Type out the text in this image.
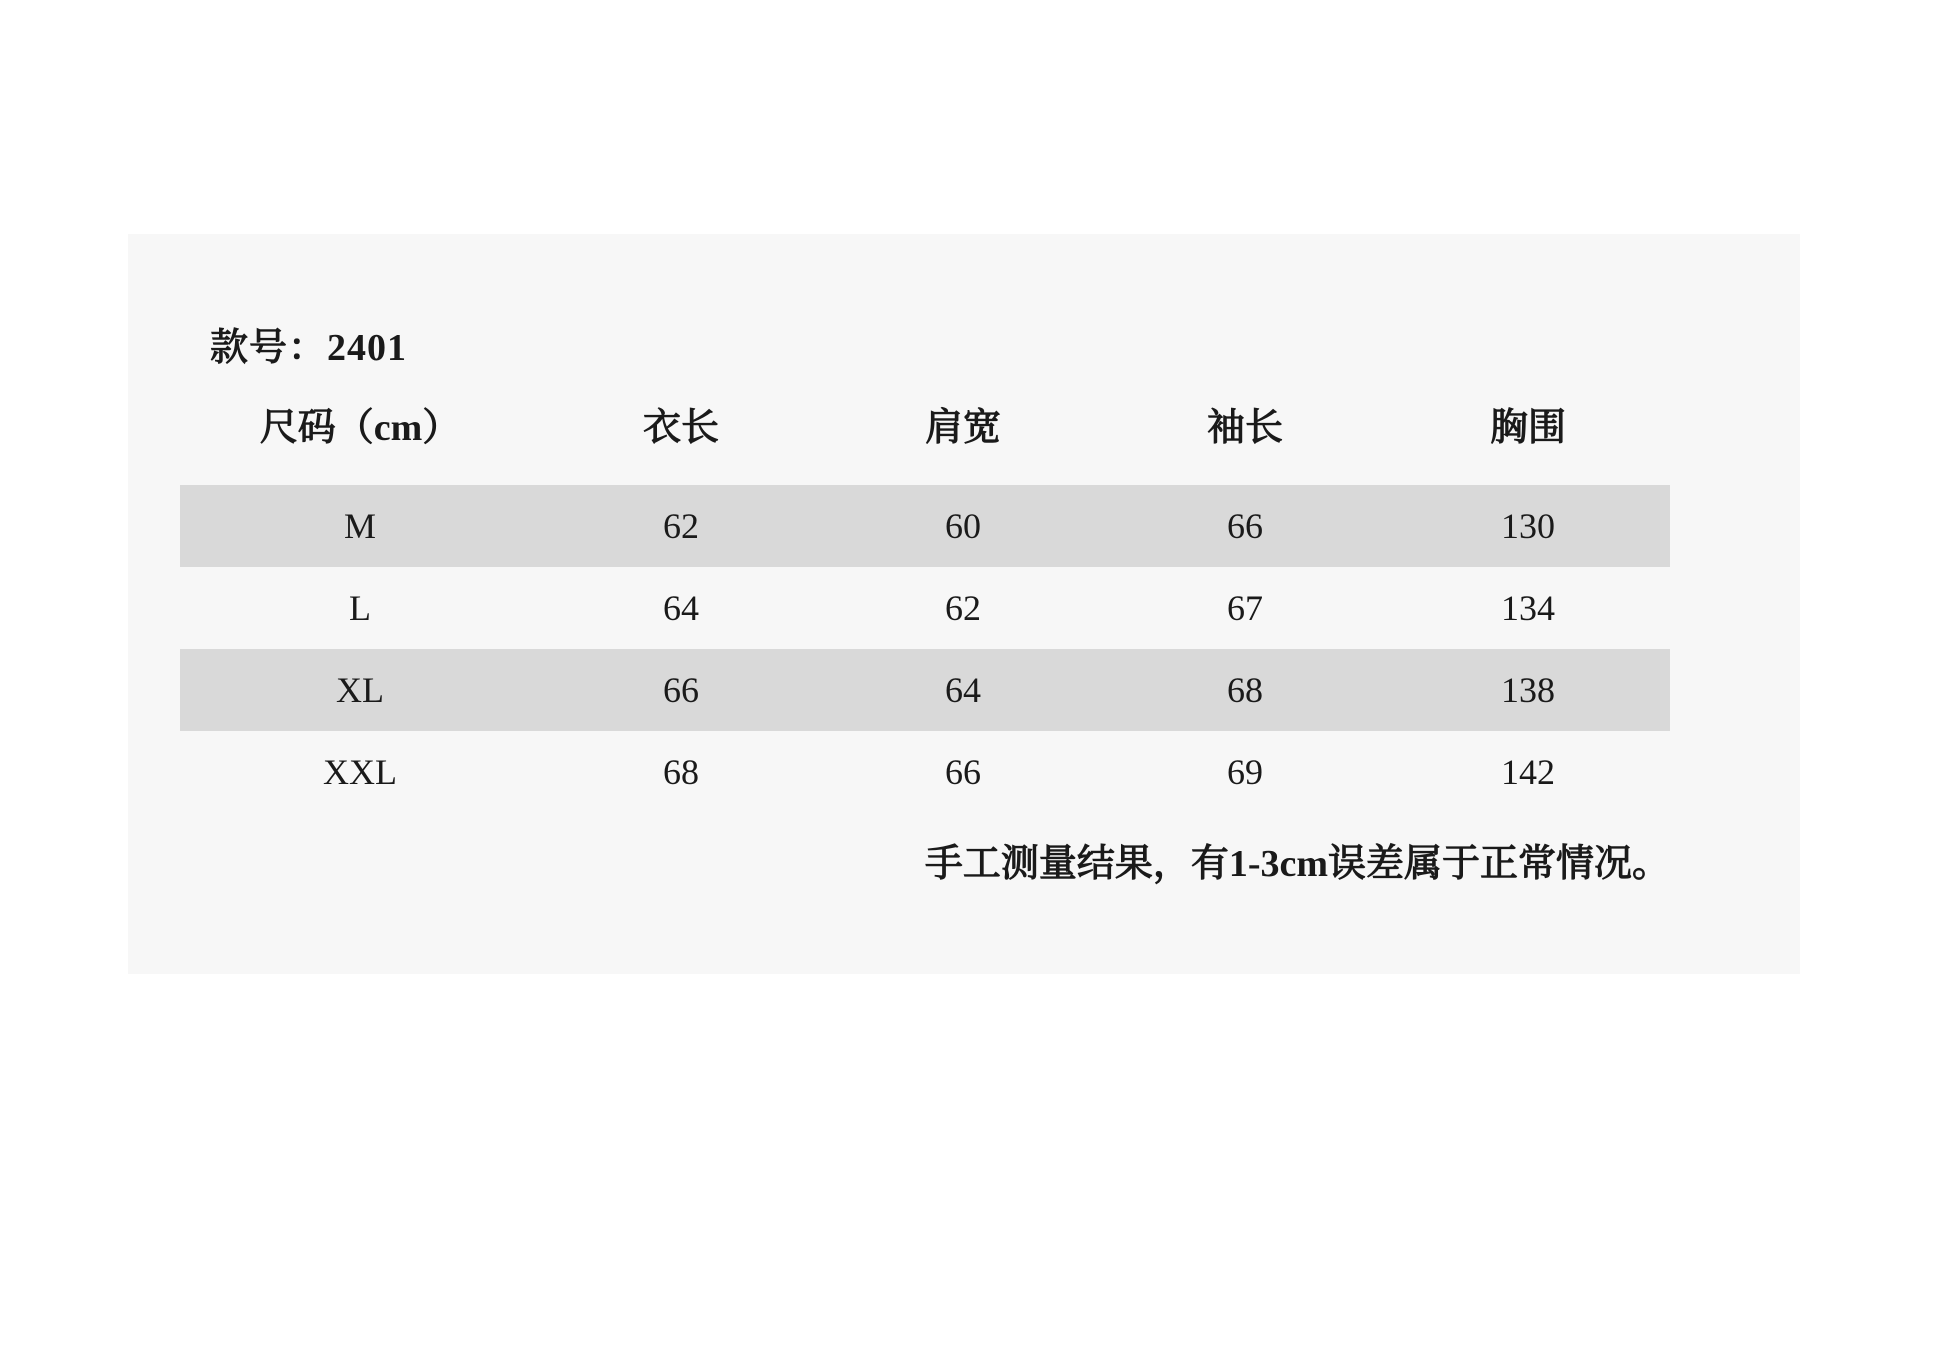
款号：2401
尺码（cm）	衣长	肩宽	袖长	胸围
M	62	60	66	130
L	64	62	67	134
XL	66	64	68	138
XXL	68	66	69	142
手工测量结果，有1-3cm误差属于正常情况。
